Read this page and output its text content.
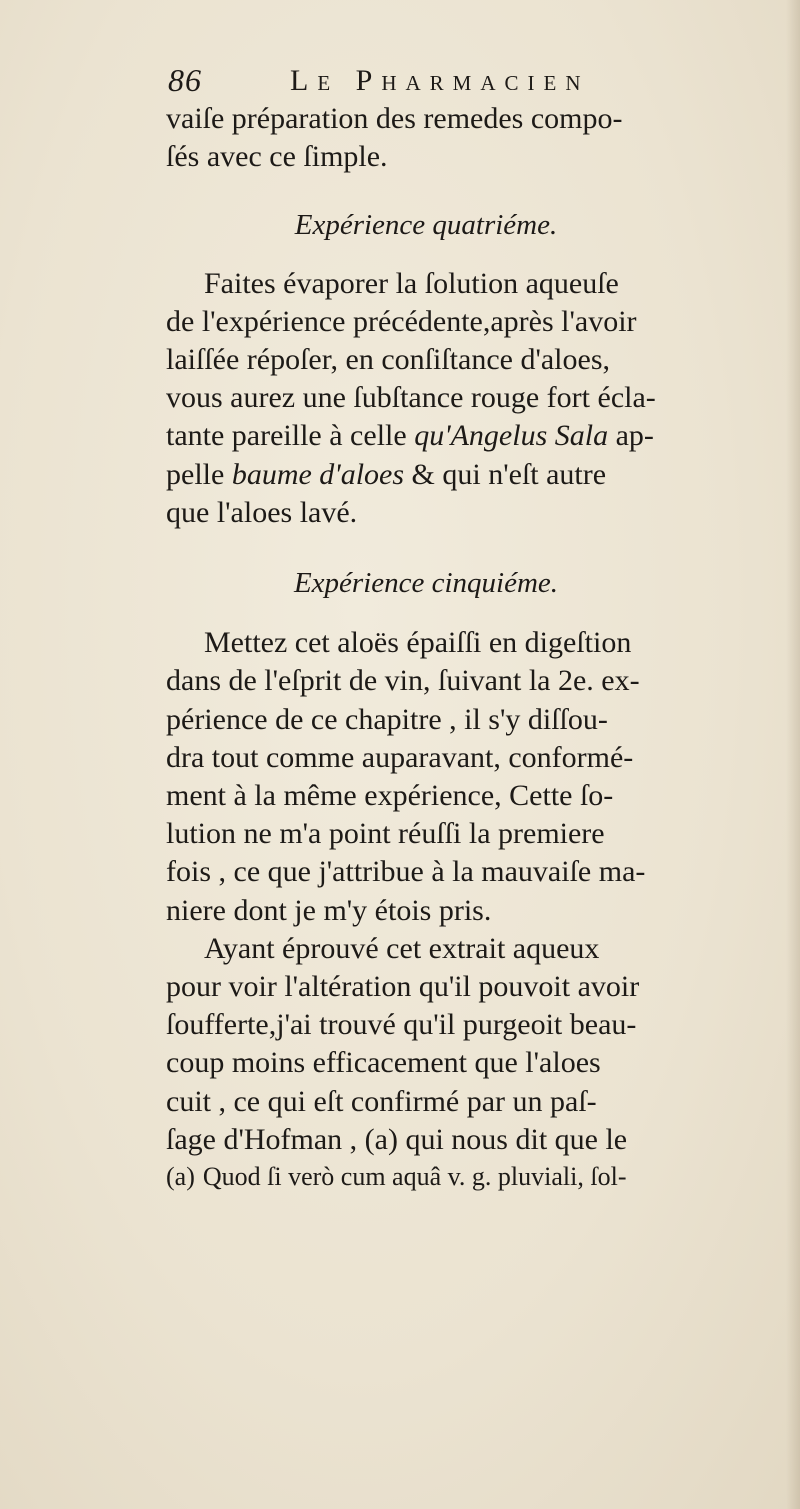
86	Le Pharmacien
vaiſe préparation des remedes compo-
ſés avec ce ſimple.
Expérience quatriéme.
Faites évaporer la ſolution aqueuſe
de l'expérience précédente,après l'avoir
laiſſée répoſer, en conſiſtance d'aloes,
vous aurez une ſubſtance rouge fort écla-
tante pareille à celle qu'Angelus Sala ap-
pelle baume d'aloes & qui n'eſt autre
que l'aloes lavé.
Expérience cinquiéme.
Mettez cet aloës épaiſſi en digeſtion
dans de l'eſprit de vin, ſuivant la 2e. ex-
périence de ce chapitre , il s'y diſſou-
dra tout comme auparavant, conformé-
ment à la même expérience, Cette ſo-
lution ne m'a point réuſſi la premiere
fois , ce que j'attribue à la mauvaiſe ma-
niere dont je m'y étois pris.
Ayant éprouvé cet extrait aqueux
pour voir l'altération qu'il pouvoit avoir
ſoufferte,j'ai trouvé qu'il purgeoit beau-
coup moins efficacement que l'aloes
cuit , ce qui eſt confirmé par un paſ-
ſage d'Hofman , (a) qui nous dit que le
(a) Quod ſi verò cum aquâ v. g. pluviali, ſol-
